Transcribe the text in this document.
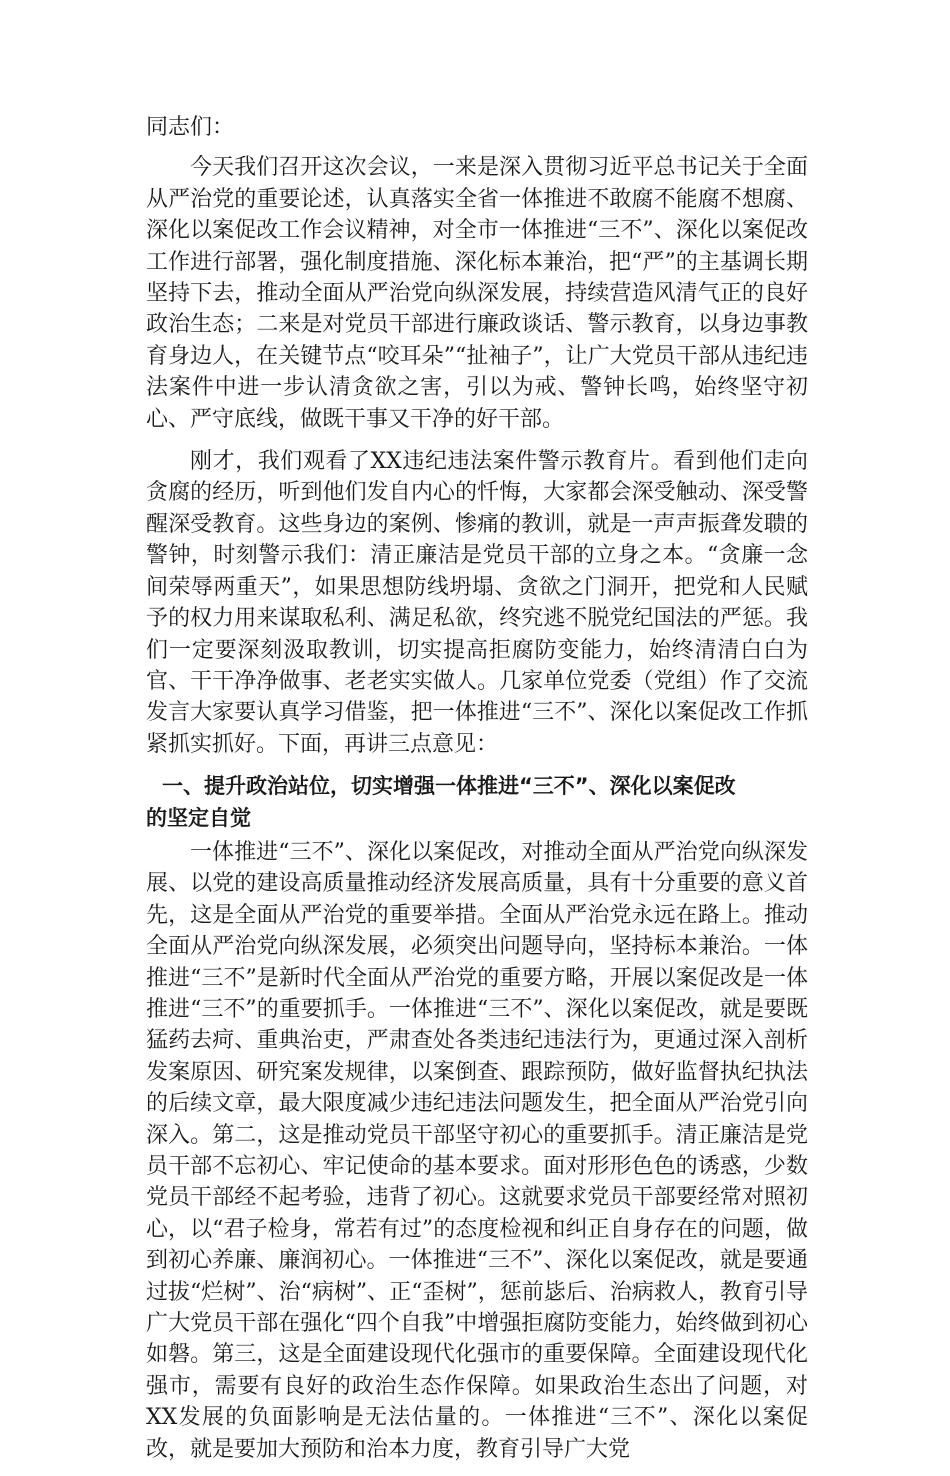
同志们：

今天我们召开这次会议，一来是深入贯彻习近平总书记关于全面从严治党的重要论述，认真落实全省一体推进不敢腐不能腐不想腐、深化以案促改工作会议精神，对全市一体推进“三不”、深化以案促改工作进行部署，强化制度措施、深化标本兼治，把“严”的主基调长期坚持下去，推动全面从严治党向纵深发展，持续营造风清气正的良好政治生态；二来是对党员干部进行廉政谈话、警示教育，以身边事教育身边人，在关键节点“咬耳朵”“扯袖子”，让广大党员干部从违纪违法案件中进一步认清贪欲之害，引以为戒、警钟长鸣，始终坚守初心、严守底线，做既干事又干净的好干部。

刚才，我们观看了XX违纪违法案件警示教育片。看到他们走向贪腐的经历，听到他们发自内心的忏悔，大家都会深受触动、深受警醒深受教育。这些身边的案例、惨痛的教训，就是一声声振聋发聩的警钟，时刻警示我们：清正廉洁是党员干部的立身之本。“贪廉一念间荣辱两重天”，如果思想防线坍塌、贪欲之门洞开，把党和人民赋予的权力用来谋取私利、满足私欲，终究逃不脱党纪国法的严惩。我们一定要深刻汲取教训，切实提高拒腐防变能力，始终清清白白为官、干干净净做事、老老实实做人。几家单位党委（党组）作了交流发言大家要认真学习借鉴，把一体推进“三不”、深化以案促改工作抓紧抓实抓好。下面，再讲三点意见：

一、提升政治站位，切实增强一体推进“三不”、深化以案促改
的坚定自觉

一体推进“三不”、深化以案促改，对推动全面从严治党向纵深发展、以党的建设高质量推动经济发展高质量，具有十分重要的意义首先，这是全面从严治党的重要举措。全面从严治党永远在路上。推动全面从严治党向纵深发展，必须突出问题导向，坚持标本兼治。一体推进“三不”是新时代全面从严治党的重要方略，开展以案促改是一体推进“三不”的重要抓手。一体推进“三不”、深化以案促改，就是要既猛药去疴、重典治吏，严肃查处各类违纪违法行为，更通过深入剖析发案原因、研究案发规律，以案倒查、跟踪预防，做好监督执纪执法的后续文章，最大限度减少违纪违法问题发生，把全面从严治党引向深入。第二，这是推动党员干部坚守初心的重要抓手。清正廉洁是党员干部不忘初心、牢记使命的基本要求。面对形形色色的诱惑，少数党员干部经不起考验，违背了初心。这就要求党员干部要经常对照初心，以“君子检身，常若有过”的态度检视和纠正自身存在的问题，做到初心养廉、廉润初心。一体推进“三不”、深化以案促改，就是要通过拔“烂树”、治“病树”、正“歪树”，惩前毖后、治病救人，教育引导广大党员干部在强化“四个自我”中增强拒腐防变能力，始终做到初心如磐。第三，这是全面建设现代化强市的重要保障。全面建设现代化强市，需要有良好的政治生态作保障。如果政治生态出了问题，对XX发展的负面影响是无法估量的。一体推进“三不”、深化以案促改，就是要加大预防和治本力度，教育引导广大党
